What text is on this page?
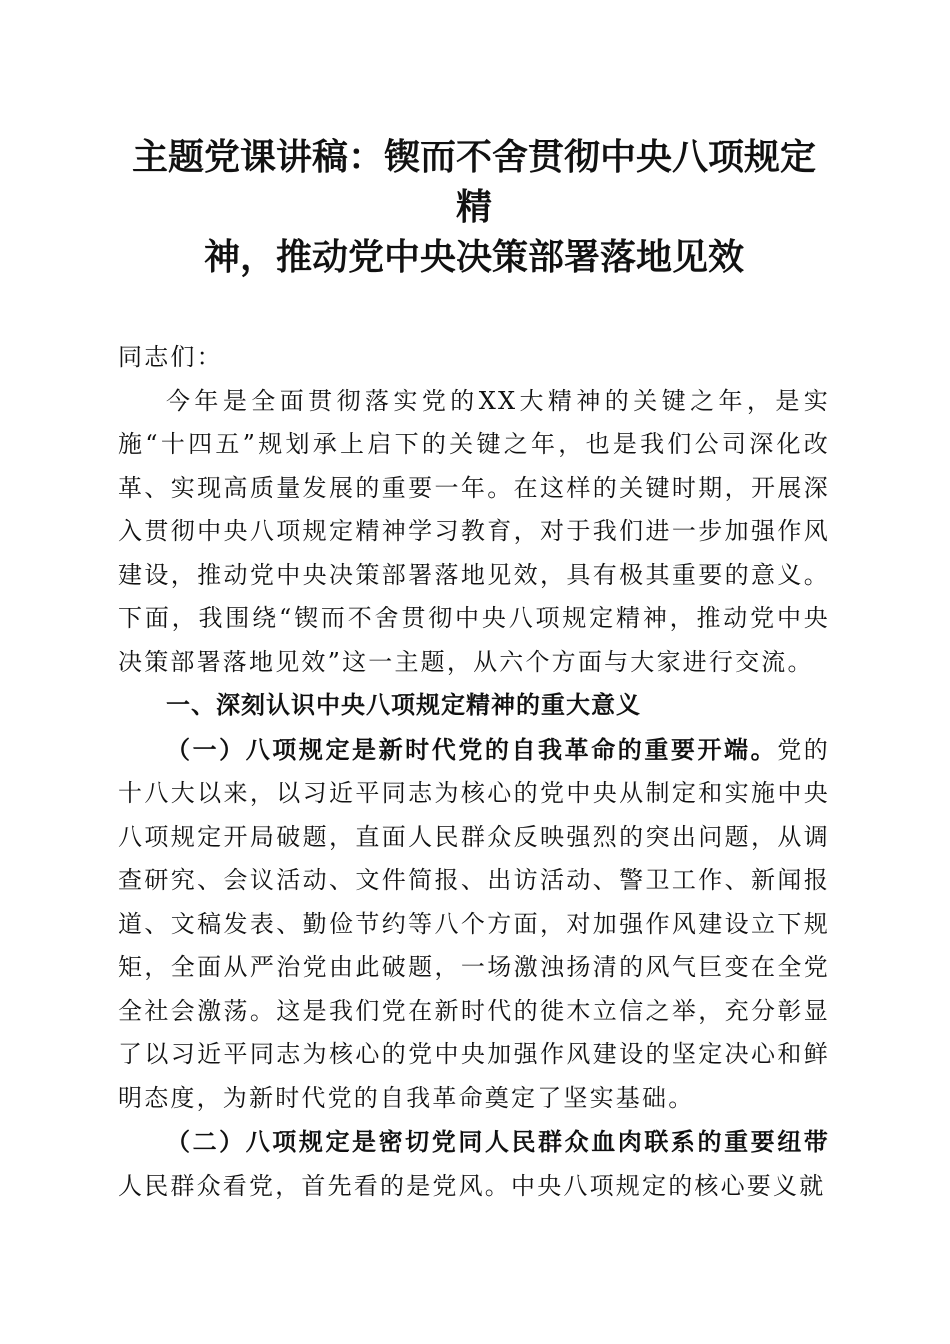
主题党课讲稿：锲而不舍贯彻中央八项规定精
神，推动党中央决策部署落地见效

同志们：

今年是全面贯彻落实党的XX大精神的关键之年，是实施“十四五”规划承上启下的关键之年，也是我们公司深化改革、实现高质量发展的重要一年。在这样的关键时期，开展深入贯彻中央八项规定精神学习教育，对于我们进一步加强作风建设，推动党中央决策部署落地见效，具有极其重要的意义。下面，我围绕“锲而不舍贯彻中央八项规定精神，推动党中央决策部署落地见效”这一主题，从六个方面与大家进行交流。

一、深刻认识中央八项规定精神的重大意义

（一）八项规定是新时代党的自我革命的重要开端。党的十八大以来，以习近平同志为核心的党中央从制定和实施中央八项规定开局破题，直面人民群众反映强烈的突出问题，从调查研究、会议活动、文件简报、出访活动、警卫工作、新闻报道、文稿发表、勤俭节约等八个方面，对加强作风建设立下规矩，全面从严治党由此破题，一场激浊扬清的风气巨变在全党全社会激荡。这是我们党在新时代的徙木立信之举，充分彰显了以习近平同志为核心的党中央加强作风建设的坚定决心和鲜明态度，为新时代党的自我革命奠定了坚实基础。

（二）八项规定是密切党同人民群众血肉联系的重要纽带人民群众看党，首先看的是党风。中央八项规定的核心要义就
